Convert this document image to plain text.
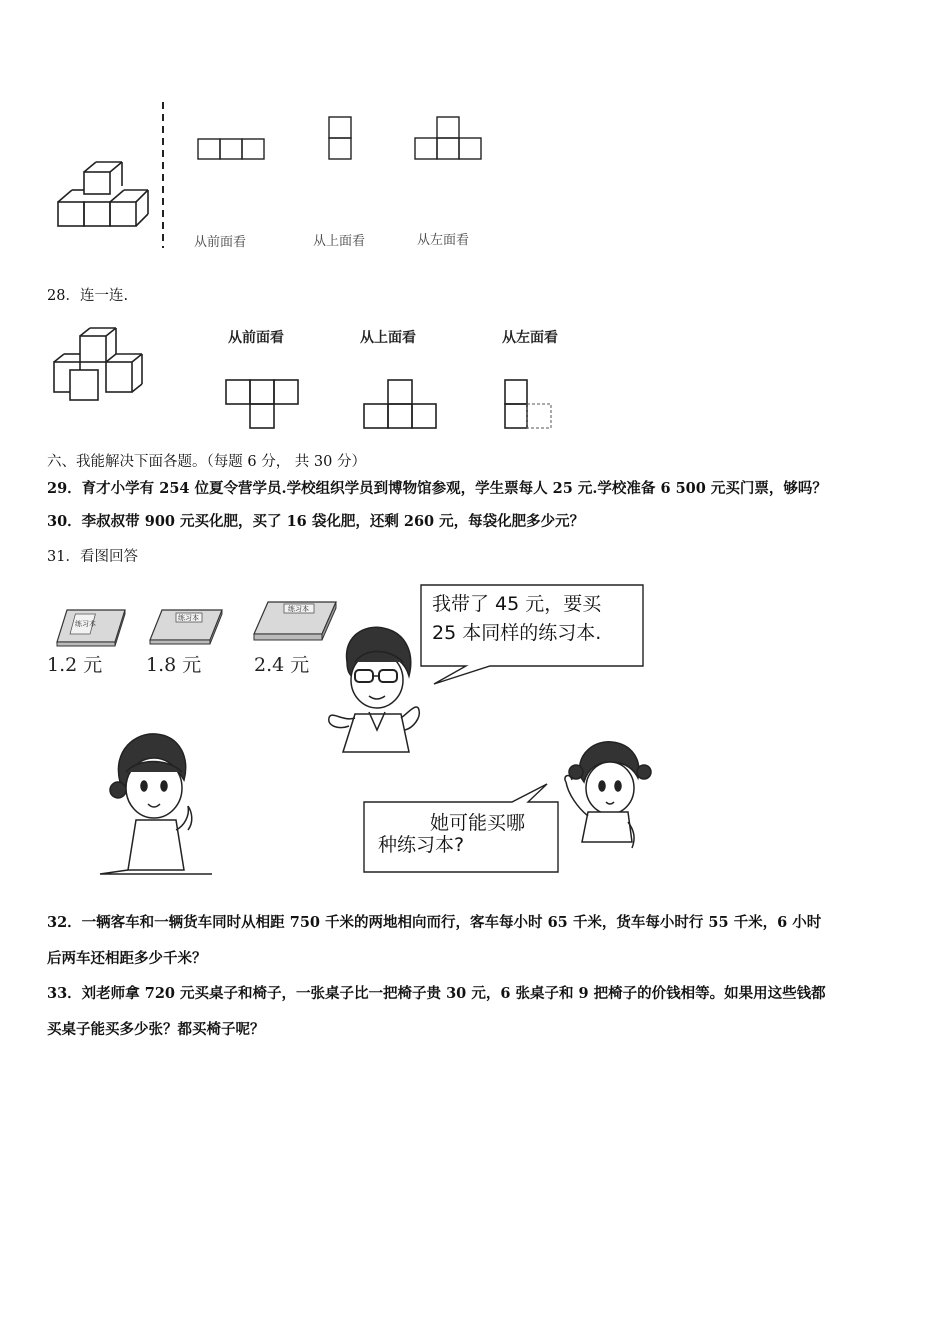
从前面看	从上面看	从左面看
28．连一连.
从前面看	从上面看	从左面看
六、我能解决下面各题。（每题 6 分， 共 30 分）
29．育才小学有 254 位夏令营学员.学校组织学员到博物馆参观，学生票每人 25 元.学校准备 6 500 元买门票，够吗？
30．李叔叔带 900 元买化肥，买了 16 袋化肥，还剩 260 元，每袋化肥多少元？
31．看图回答
练习本
练习本
练习本
1.2 元 1.8 元	2.4 元
我带了 45 元，要买
25 本同样的练习本.
她可能买哪
种练习本?
32．一辆客车和一辆货车同时从相距 750 千米的两地相向而行，客车每小时 65 千米，货车每小时行 55 千米，6 小时
后两车还相距多少千米？
33．刘老师拿 720 元买桌子和椅子，一张桌子比一把椅子贵 30 元，6 张桌子和 9 把椅子的价钱相等。如果用这些钱都
买桌子能买多少张？都买椅子呢？
